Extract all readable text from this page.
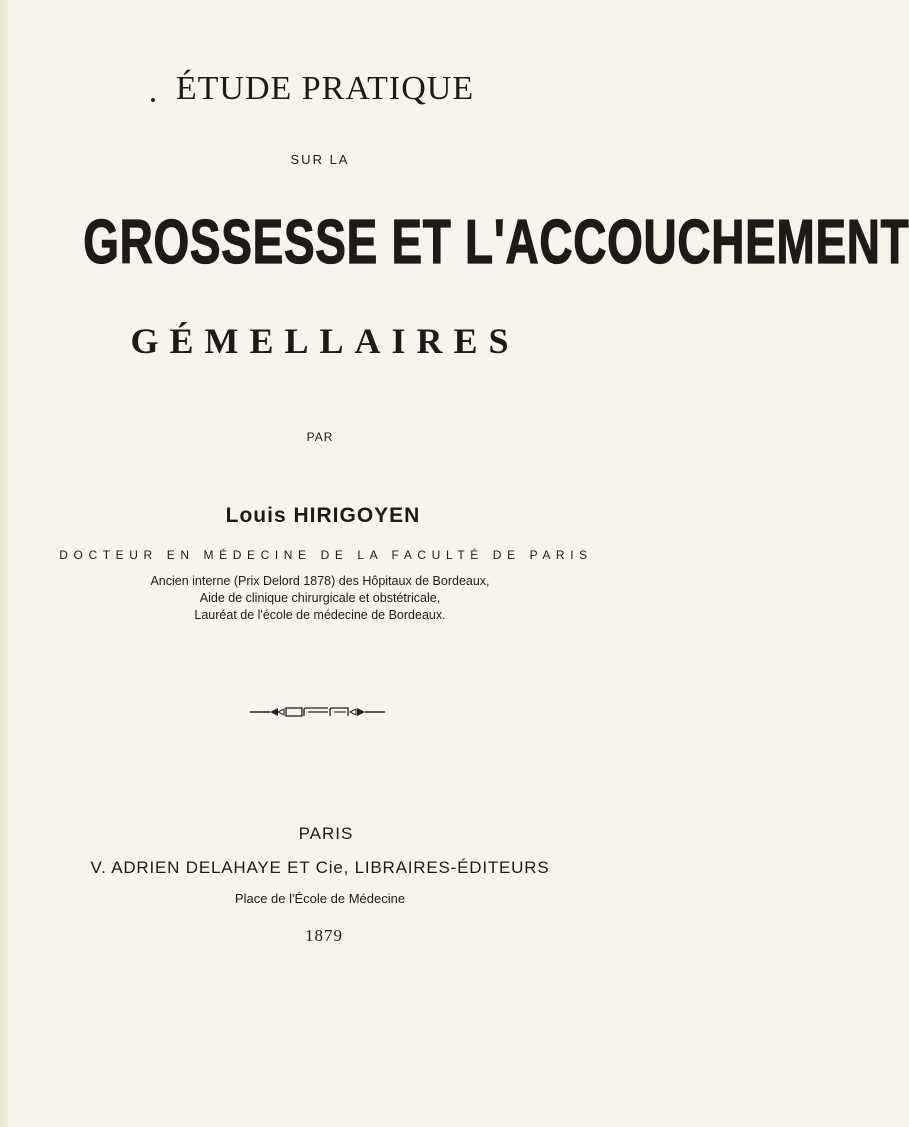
ÉTUDE PRATIQUE
SUR LA
GROSSESSE ET L'ACCOUCHEMENT
GÉMELLAIRES
PAR
Louis HIRIGOYEN
DOCTEUR EN MÉDECINE DE LA FACULTÉ DE PARIS
Ancien interne (Prix Delord 1878) des Hôpitaux de Bordeaux,
Aide de clinique chirurgicale et obstétricale,
Lauréat de l'école de médecine de Bordeaux.
PARIS
V. ADRIEN DELAHAYE ET Cie, LIBRAIRES-ÉDITEURS
Place de l'École de Médecine
1879
